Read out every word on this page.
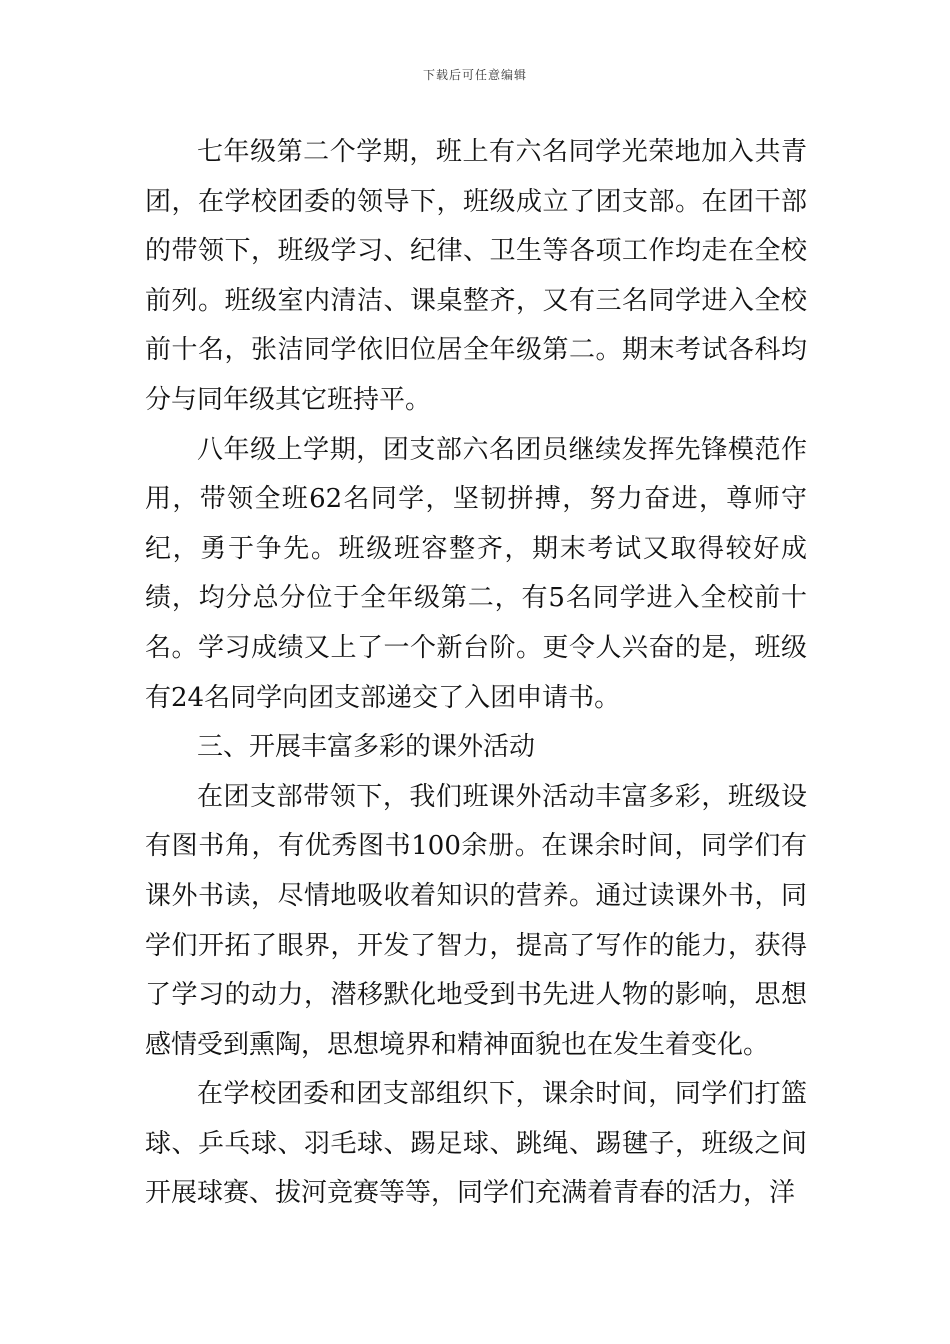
下载后可任意编辑

七年级第二个学期，班上有六名同学光荣地加入共青团，在学校团委的领导下，班级成立了团支部。在团干部的带领下，班级学习、纪律、卫生等各项工作均走在全校前列。班级室内清洁、课桌整齐，又有三名同学进入全校前十名，张洁同学依旧位居全年级第二。期末考试各科均分与同年级其它班持平。

八年级上学期，团支部六名团员继续发挥先锋模范作用，带领全班62名同学，坚韧拼搏，努力奋进，尊师守纪，勇于争先。班级班容整齐，期末考试又取得较好成绩，均分总分位于全年级第二，有5名同学进入全校前十名。学习成绩又上了一个新台阶。更令人兴奋的是，班级有24名同学向团支部递交了入团申请书。

三、开展丰富多彩的课外活动

在团支部带领下，我们班课外活动丰富多彩，班级设有图书角，有优秀图书100余册。在课余时间，同学们有课外书读，尽情地吸收着知识的营养。通过读课外书，同学们开拓了眼界，开发了智力，提高了写作的能力，获得了学习的动力，潜移默化地受到书先进人物的影响，思想感情受到熏陶，思想境界和精神面貌也在发生着变化。

在学校团委和团支部组织下，课余时间，同学们打篮球、乒乓球、羽毛球、踢足球、跳绳、踢毽子，班级之间开展球赛、拔河竞赛等等，同学们充满着青春的活力，洋
